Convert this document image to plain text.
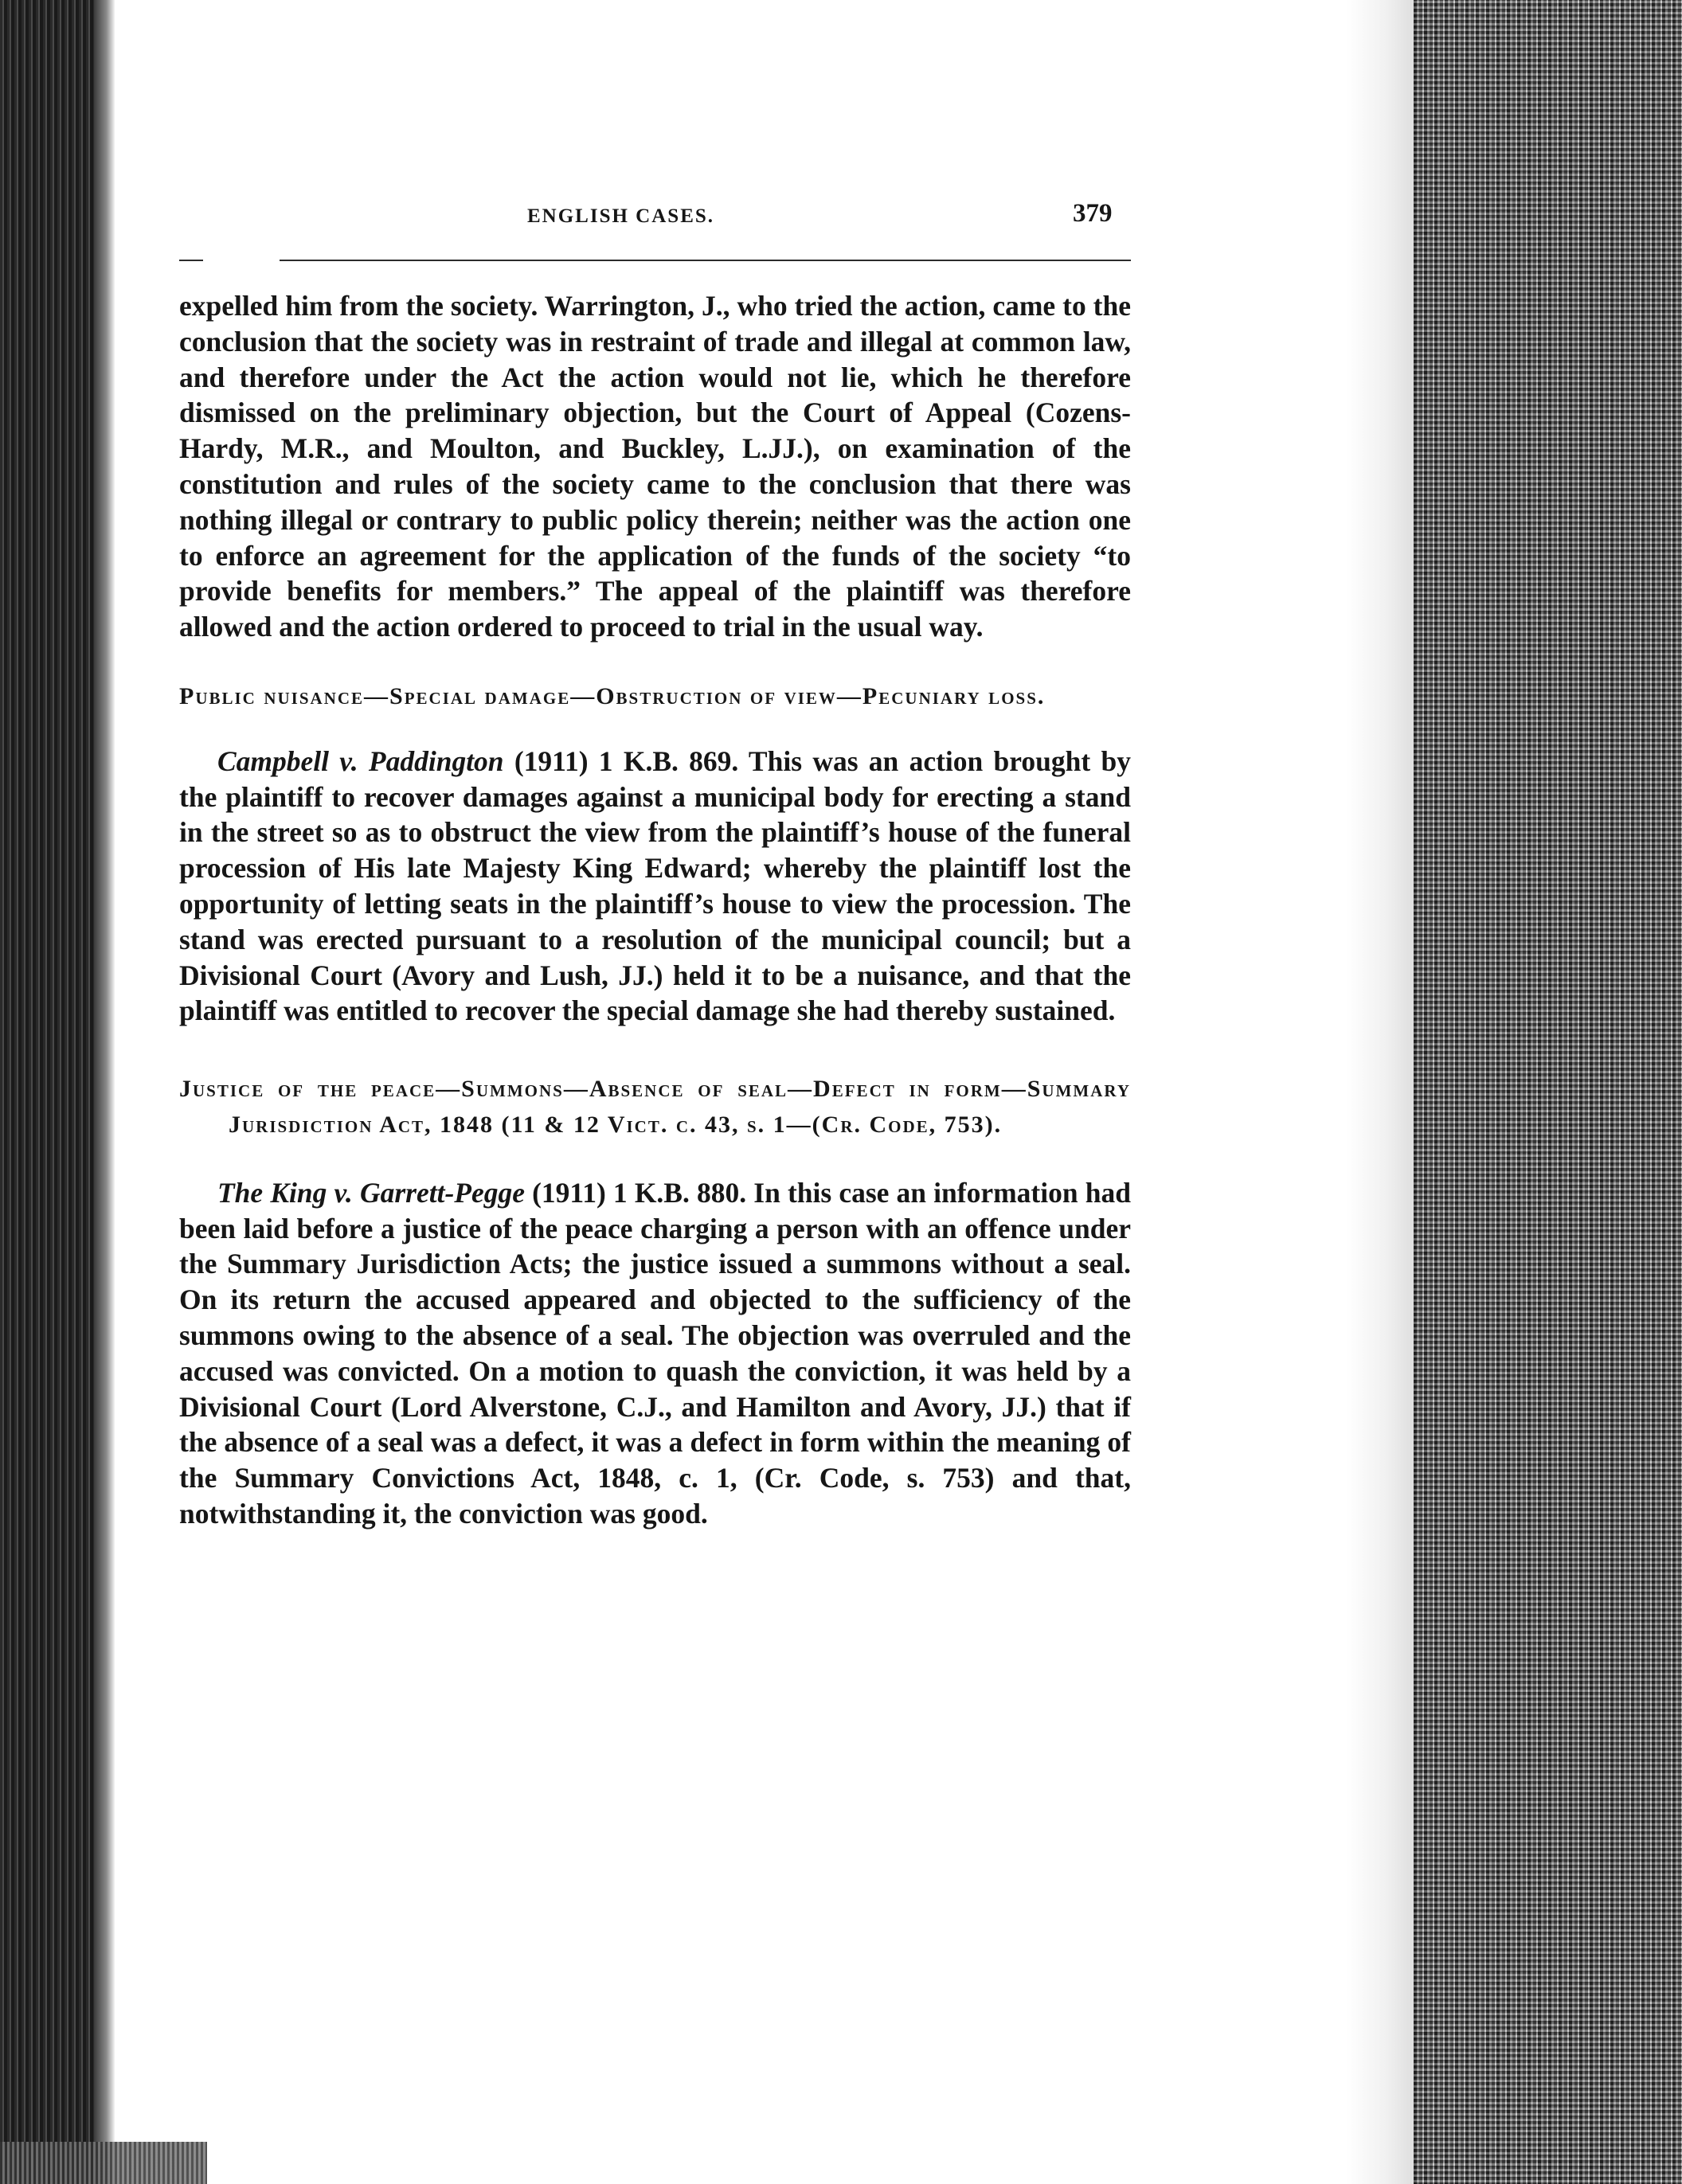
ENGLISH CASES.	379

expelled him from the society. Warrington, J., who tried the action, came to the conclusion that the society was in restraint of trade and illegal at common law, and therefore under the Act the action would not lie, which he therefore dismissed on the preliminary objection, but the Court of Appeal (Cozens-Hardy, M.R., and Moulton, and Buckley, L.JJ.), on examination of the constitution and rules of the society came to the conclusion that there was nothing illegal or contrary to public policy therein; neither was the action one to enforce an agreement for the application of the funds of the society “to provide benefits for members.” The appeal of the plaintiff was therefore allowed and the action ordered to proceed to trial in the usual way.

Public nuisance—Special damage—Obstruction of view—Pecuniary loss.

Campbell v. Paddington (1911) 1 K.B. 869. This was an action brought by the plaintiff to recover damages against a municipal body for erecting a stand in the street so as to obstruct the view from the plaintiff’s house of the funeral procession of His late Majesty King Edward; whereby the plaintiff lost the opportunity of letting seats in the plaintiff’s house to view the procession. The stand was erected pursuant to a resolution of the municipal council; but a Divisional Court (Avory and Lush, JJ.) held it to be a nuisance, and that the plaintiff was entitled to recover the special damage she had thereby sustained.

Justice of the peace—Summons—Absence of seal—Defect in form—Summary Jurisdiction Act, 1848 (11 & 12 Vict. c. 43, s. 1—(Cr. Code, 753).

The King v. Garrett-Pegge (1911) 1 K.B. 880. In this case an information had been laid before a justice of the peace charging a person with an offence under the Summary Jurisdiction Acts; the justice issued a summons without a seal. On its return the accused appeared and objected to the sufficiency of the summons owing to the absence of a seal. The objection was overruled and the accused was convicted. On a motion to quash the conviction, it was held by a Divisional Court (Lord Alverstone, C.J., and Hamilton and Avory, JJ.) that if the absence of a seal was a defect, it was a defect in form within the meaning of the Summary Convictions Act, 1848, c. 1, (Cr. Code, s. 753) and that, notwithstanding it, the conviction was good.
